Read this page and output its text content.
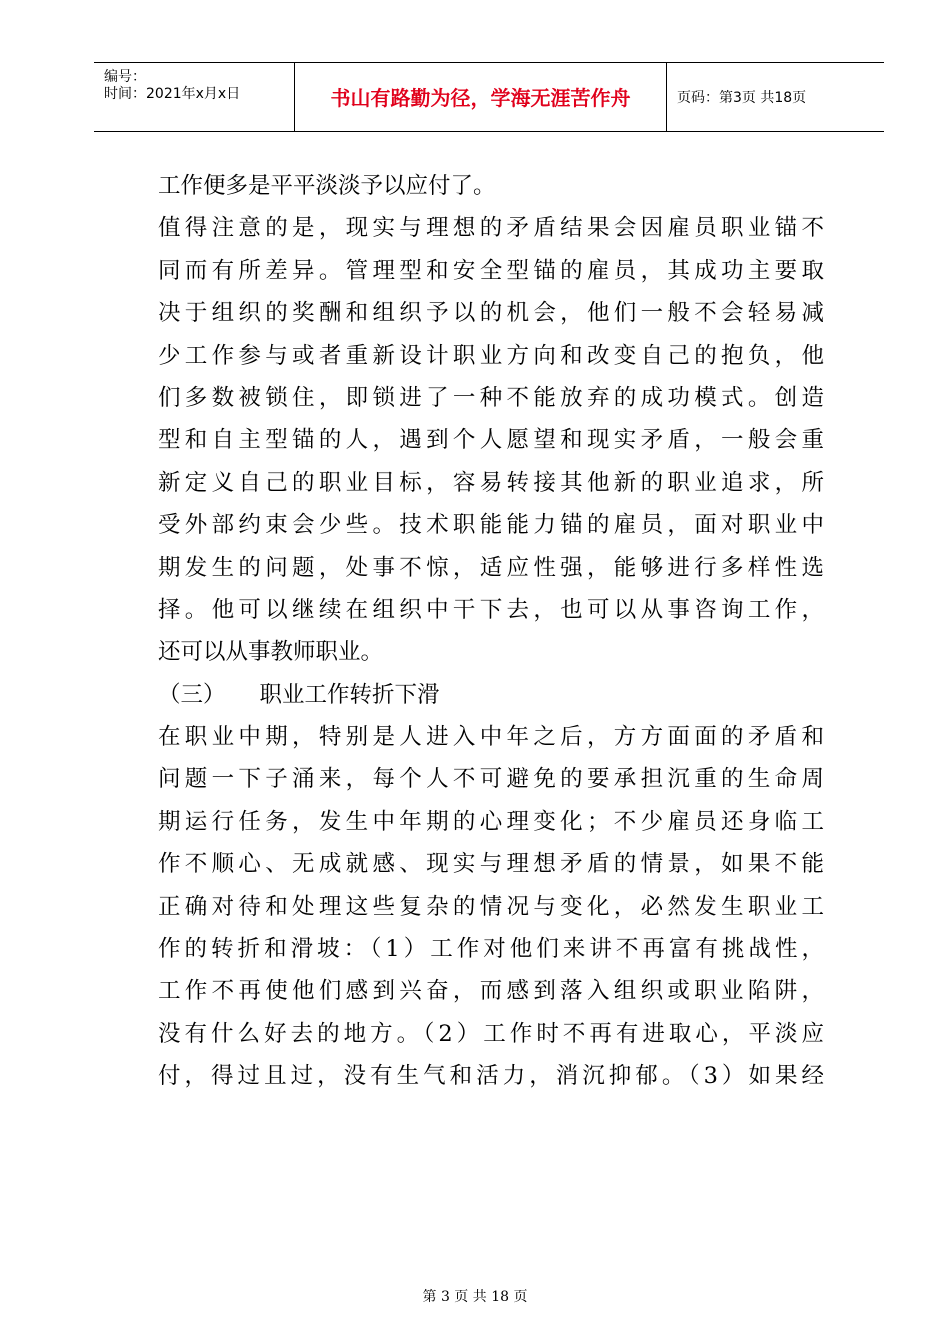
编号：
时间：2021年x月x日	书山有路勤为径，学海无涯苦作舟	页码：第3页 共18页
工作便多是平平淡淡予以应付了。
值得注意的是，现实与理想的矛盾结果会因雇员职业锚不
同而有所差异。管理型和安全型锚的雇员，其成功主要取
决于组织的奖酬和组织予以的机会，他们一般不会轻易减
少工作参与或者重新设计职业方向和改变自己的抱负，他
们多数被锁住，即锁进了一种不能放弃的成功模式。创造
型和自主型锚的人，遇到个人愿望和现实矛盾，一般会重
新定义自己的职业目标，容易转接其他新的职业追求，所
受外部约束会少些。技术职能能力锚的雇员，面对职业中
期发生的问题，处事不惊，适应性强，能够进行多样性选
择。他可以继续在组织中干下去，也可以从事咨询工作，
还可以从事教师职业。
（三） 职业工作转折下滑
在职业中期，特别是人进入中年之后，方方面面的矛盾和
问题一下子涌来，每个人不可避免的要承担沉重的生命周
期运行任务，发生中年期的心理变化；不少雇员还身临工
作不顺心、无成就感、现实与理想矛盾的情景，如果不能
正确对待和处理这些复杂的情况与变化，必然发生职业工
作的转折和滑坡：（1）工作对他们来讲不再富有挑战性，
工作不再使他们感到兴奋，而感到落入组织或职业陷阱，
没有什么好去的地方。（2）工作时不再有进取心，平淡应
付，得过且过，没有生气和活力，消沉抑郁。（3）如果经
第 3 页 共 18 页
